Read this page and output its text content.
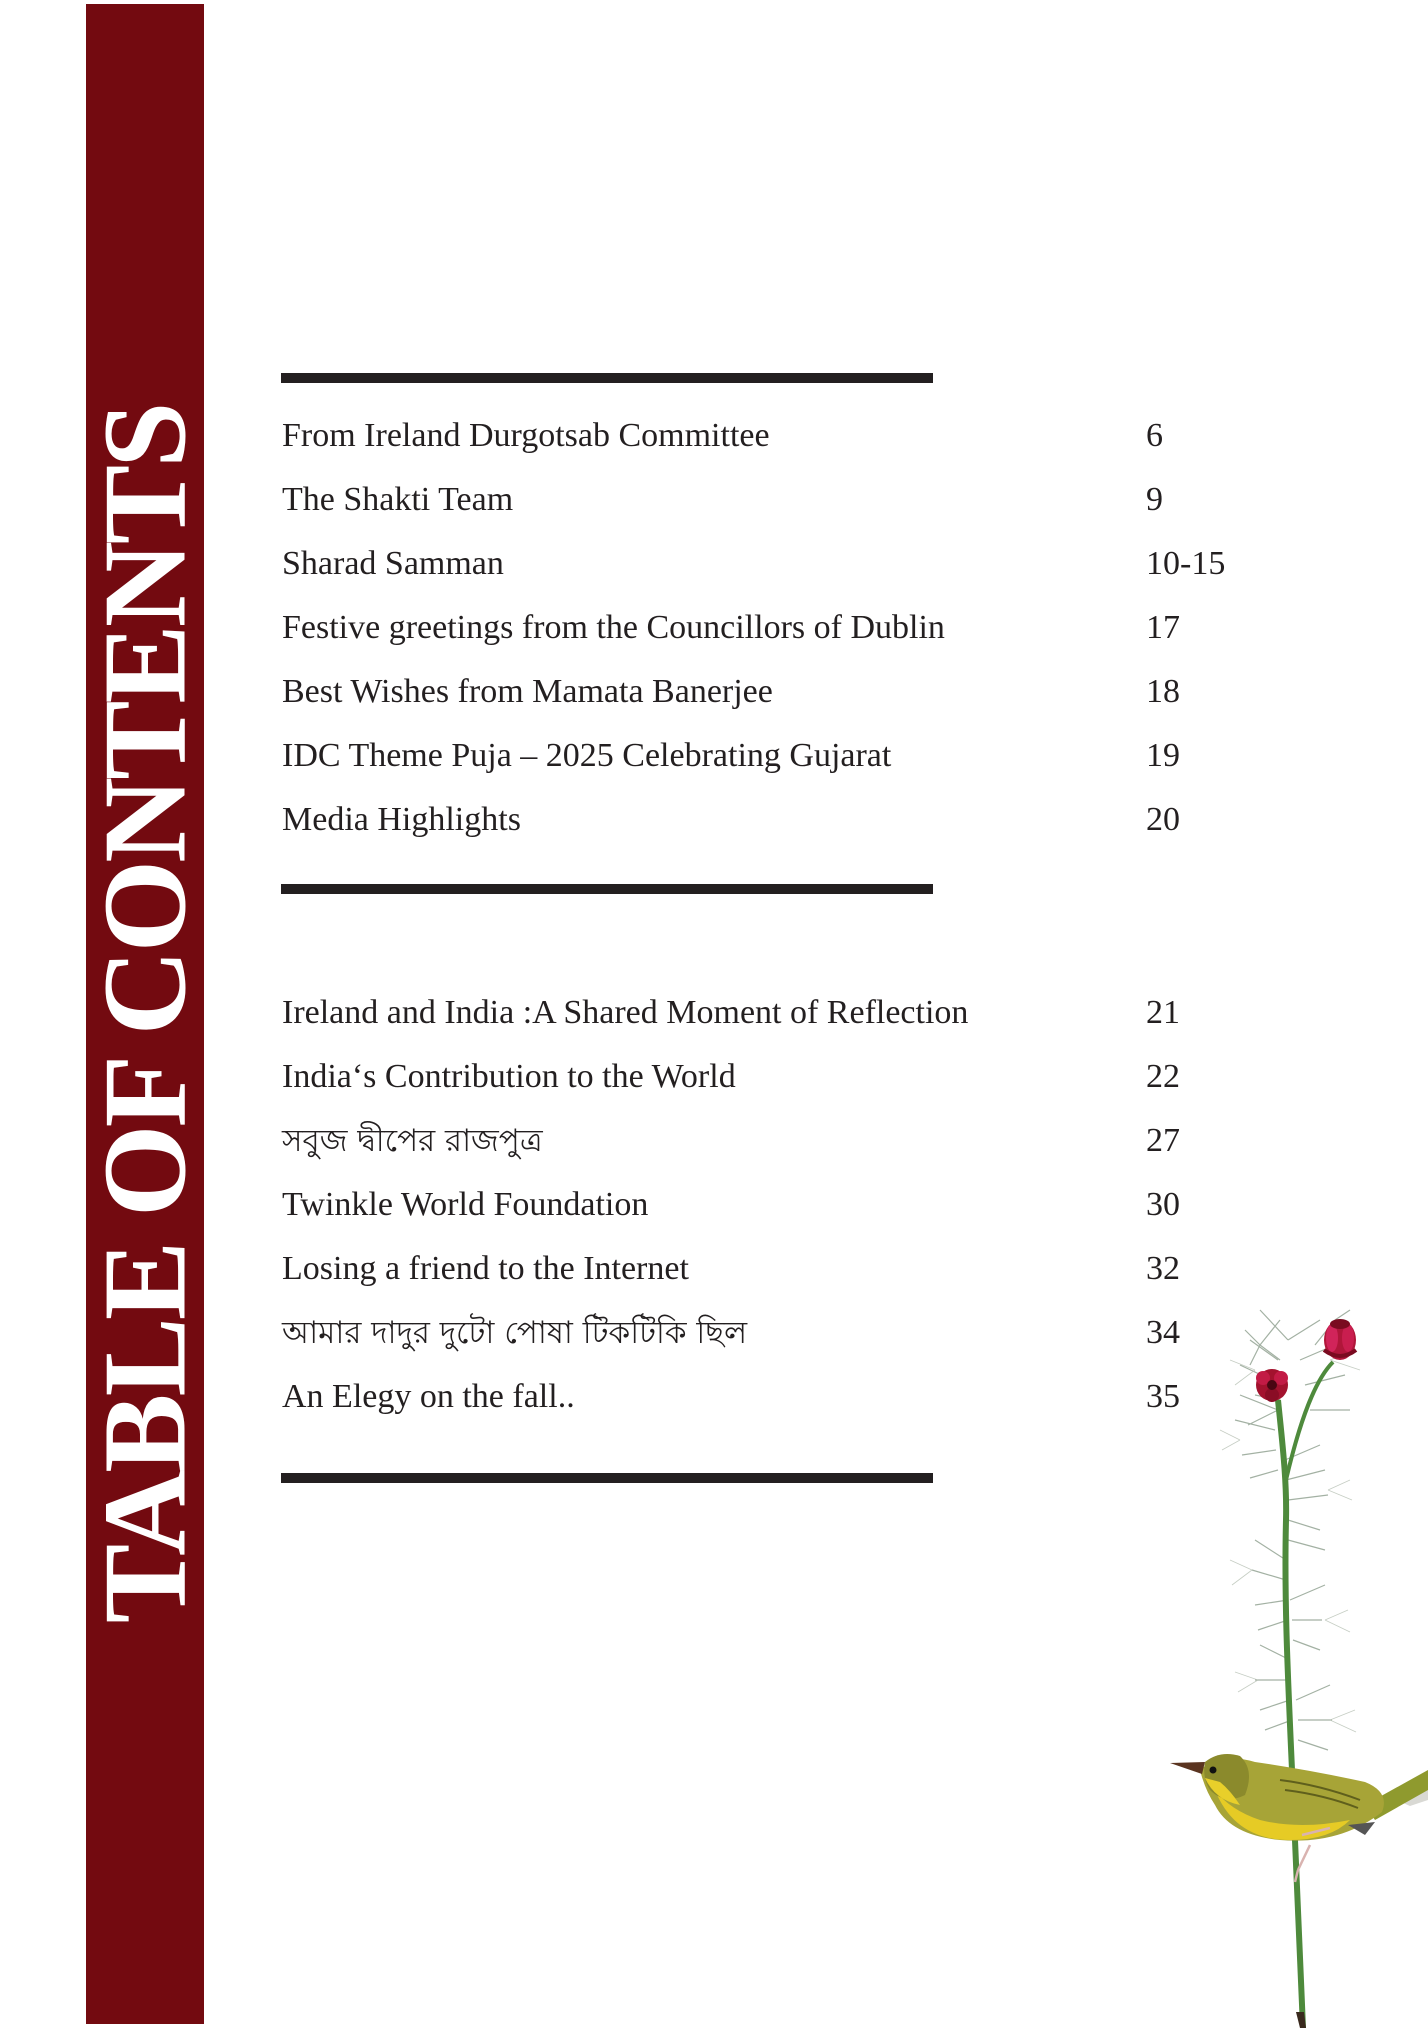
TABLE OF CONTENTS From Ireland Durgotsab Committee	6
The Shakti Team	9
Sharad Samman	10-15
Festive greetings from the Councillors of Dublin	17
Best Wishes from Mamata Banerjee	18
IDC Theme Puja – 2025 Celebrating Gujarat	19
Media Highlights	20
Ireland and India :A Shared Moment of Reflection	21
India‘s Contribution to the World	22
সবুজ দ্বীপের রাজপুত্র	27
Twinkle World Foundation	30
Losing a friend to the Internet	32
আমার দাদুর দুটো পোষা টিকটিকি ছিল	34
An Elegy on the fall..	35
